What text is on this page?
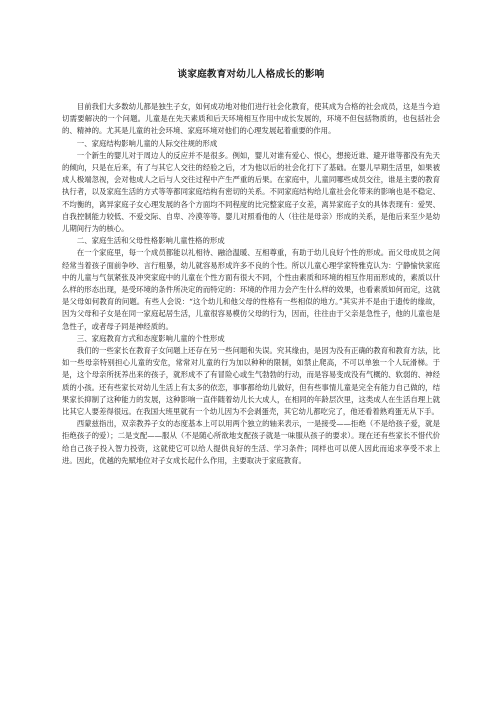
谈家庭教育对幼儿人格成长的影响

目前我们大多数幼儿都是独生子女，如何成功地对他们进行社会化教育，使其成为合格的社会成员，这是当今迫切需要解决的一个问题。儿童是在先天素质和后天环境相互作用中成长发展的，环境不但包括物质的，也包括社会的、精神的。尤其是儿童的社会环境、家庭环境对他们的心理发展起着重要的作用。

一、家庭结构影响儿童的人际交往规的形成

一个新生的婴儿对于周边人的反应并不是很多。例如，婴儿对谁有爱心、恨心，想接近谁、避开谁等都没有先天的倾向，只是在后来，有了与其它人交往的经验之后，才为他以后的社会化打下了基础。在婴儿早期生活里，如果被成人极端忽视，会对他成人之后与人交往过程中产生严重的后果。在家庭中，儿童同哪些成员交往，谁是主要的教育执行者，以及家庭生活的方式等等都同家庭结构有密切的关系。不同家庭结构给儿童社会化带来的影响也是不稳定、不均衡的，离异家庭子女心理发展的各个方面均不同程度的比完整家庭子女差，离异家庭子女的具体表现有：爱哭、自我控制能力较低、不爱交际、自卑、冷漠等等。婴儿对照看他的人（往往是母亲）形成的关系，是他后来至少是幼儿期间行为的核心。

二、家庭生活和父母性格影响儿童性格的形成

在一个家庭里，每一个成员都能以礼相待、融洽温暖、互相尊重，有助于幼儿良好个性的形成。而父母成员之间经常当着孩子面前争吵、言行粗暴，幼儿就容易形成许多不良的个性。所以儿童心理学家特雅克认为：宁静愉快家庭中的儿童与气氛紧张及冲突家庭中的儿童在个性方面有很大不同，个性由素质和环境的相互作用而形成的，素质以什么样的形态出现，是受环境的条件所决定的而特定的：环境的作用力会产生什么样的效果，也看素质如何而定，这就是父母如何教育的问题。有些人会说：“这个幼儿和他父母的性格有一些相似的地方。”其实并不是由于遗传的缘故，因为父母和子女是在同一家庭起居生活，儿童很容易模仿父母的行为，因而，往往由于父亲是急性子，他的儿童也是急性子，或者母子同是神经质的。

三、家庭教育方式和态度影响儿童的个性形成

我们的一些家长在教育子女问题上还存在另一些问题和失误。究其缘由，是因为没有正确的教育和教育方法，比如一些母亲特别担心儿童的安危，常常对儿童的行为加以种种的限制，如禁止爬高，不可以单独一个人玩滑梯。于是，这个母亲所抚养出来的孩子，就形成不了有冒险心或生气勃勃的行动，而是容易变成没有气概的、软弱的、神经质的小孩。还有些家长对幼儿生活上有太多的依恋，事事都给幼儿做好，但有些事情儿童是完全有能力自己做的，结果家长抑制了这种能力的发展，这种影响一直伴随着幼儿长大成人，在相同的年龄层次里，这类成人在生活自理上就比其它人要差得很远。在我国大班里就有一个幼儿因为不会剥蛋壳，其它幼儿都吃完了，他还看着熟鸡蛋无从下手。

西蒙兹指出，双亲教养子女的态度基本上可以用两个独立的轴来表示，一是接受——拒绝（不是给孩子爱，就是拒绝孩子的爱）；二是支配——服从（不是随心所欲地支配孩子就是一味服从孩子的要求）。现在还有些家长不惜代价给自己孩子投入智力投资，这就使它可以给人提供良好的生活、学习条件；同样也可以使人因此而追求享受不求上进。因此，优越的先赋地位对子女成长起什么作用，主要取决于家庭教育。
